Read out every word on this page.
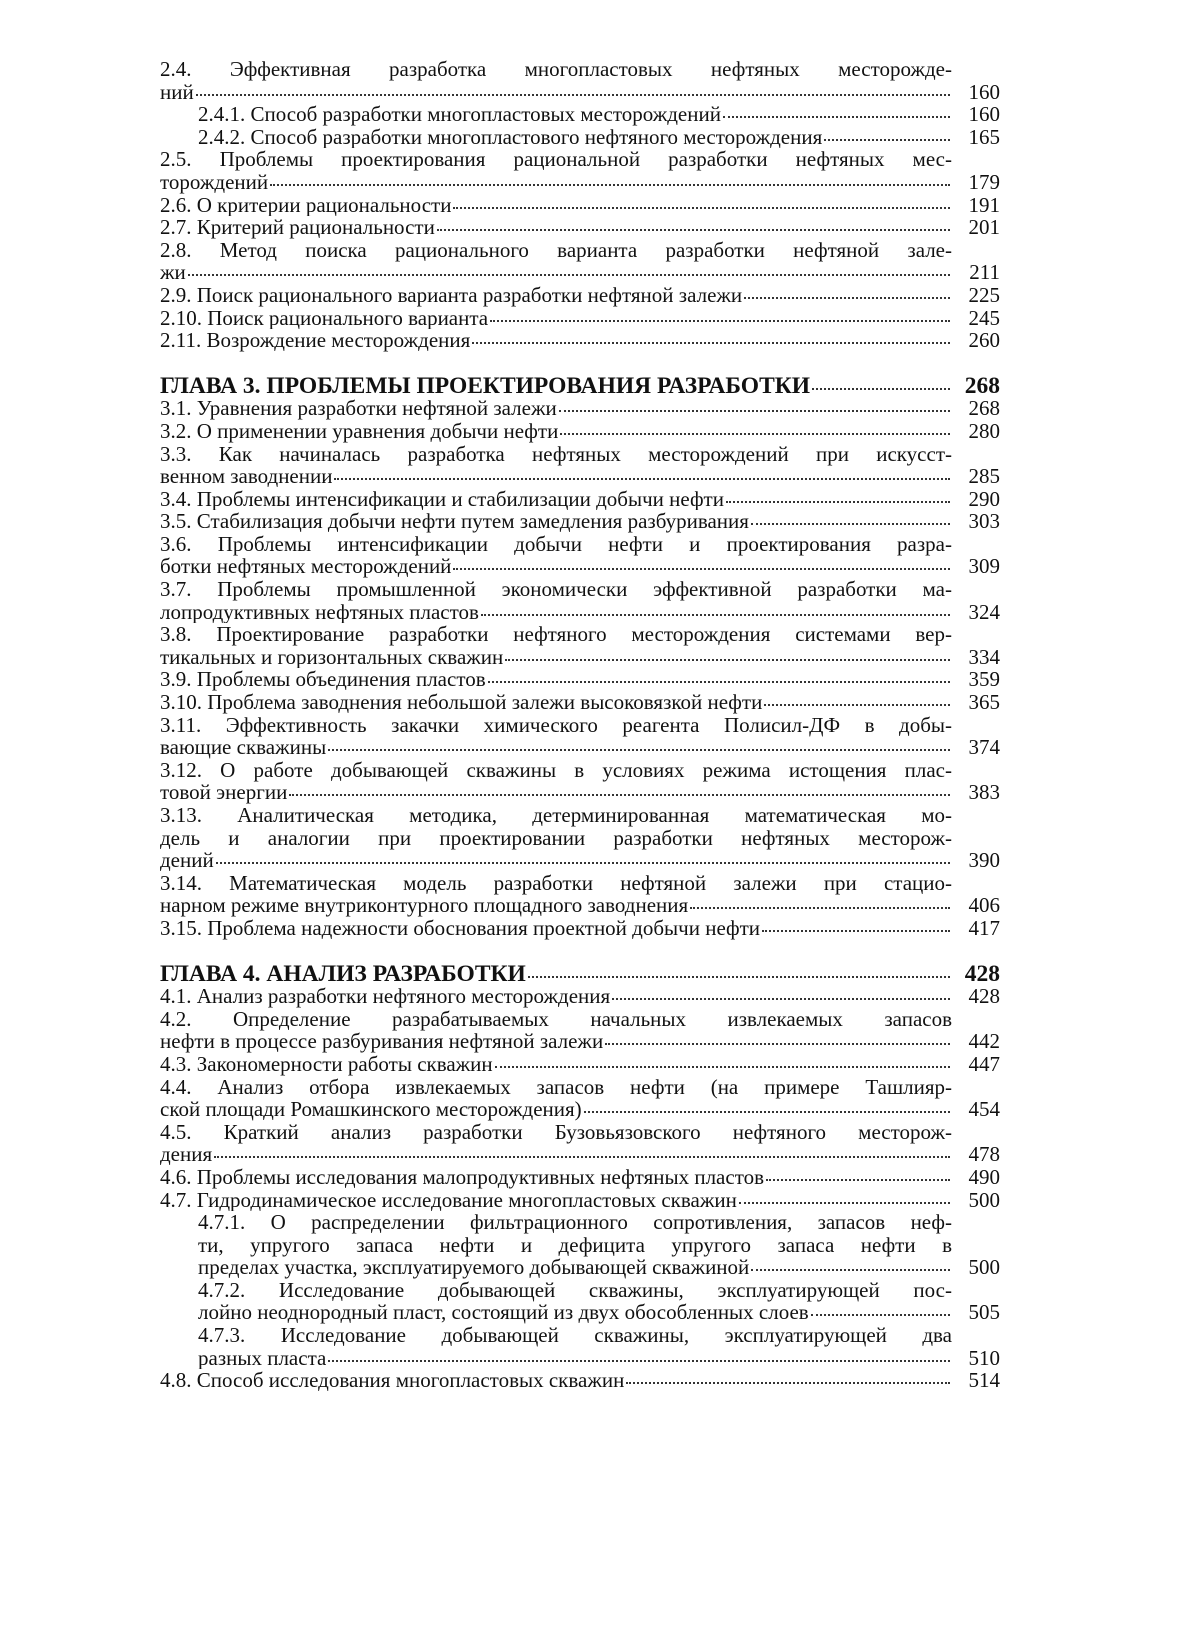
2.4. Эффективная разработка многопластовых нефтяных месторожде-
ний	160
2.4.1. Способ разработки многопластовых месторождений	160
2.4.2. Способ разработки многопластового нефтяного месторождения	165
2.5. Проблемы проектирования рациональной разработки нефтяных мес-
торождений	179
2.6. О критерии рациональности	191
2.7. Критерий рациональности	201
2.8. Метод поиска рационального варианта разработки нефтяной зале-
жи	211
2.9. Поиск рационального варианта разработки нефтяной залежи	225
2.10. Поиск рационального варианта	245
2.11. Возрождение месторождения	260
ГЛАВА 3. ПРОБЛЕМЫ ПРОЕКТИРОВАНИЯ РАЗРАБОТКИ	268
3.1. Уравнения разработки нефтяной залежи	268
3.2. О применении уравнения добычи нефти	280
3.3. Как начиналась разработка нефтяных месторождений при искусст-
венном заводнении	285
3.4. Проблемы интенсификации и стабилизации добычи нефти	290
3.5. Стабилизация добычи нефти путем замедления разбуривания	303
3.6. Проблемы интенсификации добычи нефти и проектирования разра-
ботки нефтяных месторождений	309
3.7. Проблемы промышленной экономически эффективной разработки ма-
лопродуктивных нефтяных пластов	324
3.8. Проектирование разработки нефтяного месторождения системами вер-
тикальных и горизонтальных скважин	334
3.9. Проблемы объединения пластов	359
3.10. Проблема заводнения небольшой залежи высоковязкой нефти	365
3.11. Эффективность закачки химического реагента Полисил-ДФ в добы-
вающие скважины	374
3.12. О работе добывающей скважины в условиях режима истощения плас-
товой энергии	383
3.13. Аналитическая методика, детерминированная математическая мо-
дель и аналогии при проектировании разработки нефтяных месторож-
дений	390
3.14. Математическая модель разработки нефтяной залежи при стацио-
нарном режиме внутриконтурного площадного заводнения	406
3.15. Проблема надежности обоснования проектной добычи нефти	417
ГЛАВА 4. АНАЛИЗ РАЗРАБОТКИ	428
4.1. Анализ разработки нефтяного месторождения	428
4.2. Определение разрабатываемых начальных извлекаемых запасов
нефти в процессе разбуривания нефтяной залежи	442
4.3. Закономерности работы скважин	447
4.4. Анализ отбора извлекаемых запасов нефти (на примере Ташлияр-
ской площади Ромашкинского месторождения)	454
4.5. Краткий анализ разработки Бузовьязовского нефтяного месторож-
дения	478
4.6. Проблемы исследования малопродуктивных нефтяных пластов	490
4.7. Гидродинамическое исследование многопластовых скважин	500
4.7.1. О распределении фильтрационного сопротивления, запасов неф-
ти, упругого запаса нефти и дефицита упругого запаса нефти в
пределах участка, эксплуатируемого добывающей скважиной	500
4.7.2. Исследование добывающей скважины, эксплуатирующей пос-
лойно неоднородный пласт, состоящий из двух обособленных слоев	505
4.7.3. Исследование добывающей скважины, эксплуатирующей два
разных пласта	510
4.8. Способ исследования многопластовых скважин	514
